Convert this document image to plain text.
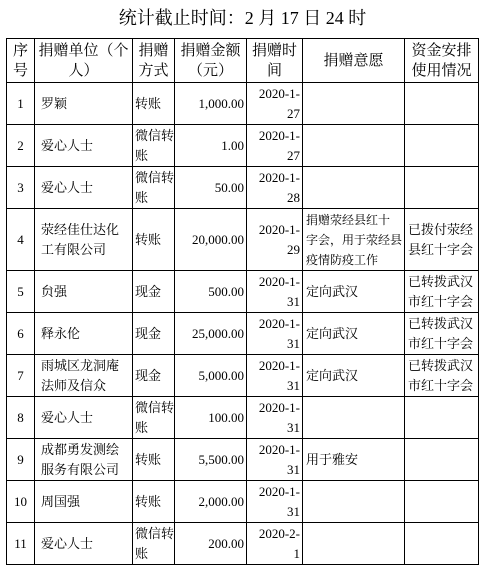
统计截止时间：2 月 17 日 24 时
序
号	捐赠单位（个
人）	捐赠
方式	捐赠金额
（元）	捐赠时
间	捐赠意愿	资金安排
使用情况
1	罗颖	转账	1,000.00	2020-1-
27		
2	爱心人士	微信转
账	1.00	2020-1-
27		
3	爱心人士	微信转
账	50.00	2020-1-
28		
4	荥经佳仕达化
工有限公司	转账	20,000.00	2020-1-
29	捐赠荥经县红十
字会，用于荥经县
疫情防疫工作	已拨付荥经
县红十字会
5	贠强	现金	500.00	2020-1-
31	定向武汉	已转拨武汉
市红十字会
6	释永伦	现金	25,000.00	2020-1-
31	定向武汉	已转拨武汉
市红十字会
7	雨城区龙洞庵
法师及信众	现金	5,000.00	2020-1-
31	定向武汉	已转拨武汉
市红十字会
8	爱心人士	微信转
账	100.00	2020-1-
31		
9	成都勇发测绘
服务有限公司	转账	5,500.00	2020-1-
31	用于雅安	
10	周国强	转账	2,000.00	2020-1-
31		
11	爱心人士	微信转
账	200.00	2020-2-
1		
